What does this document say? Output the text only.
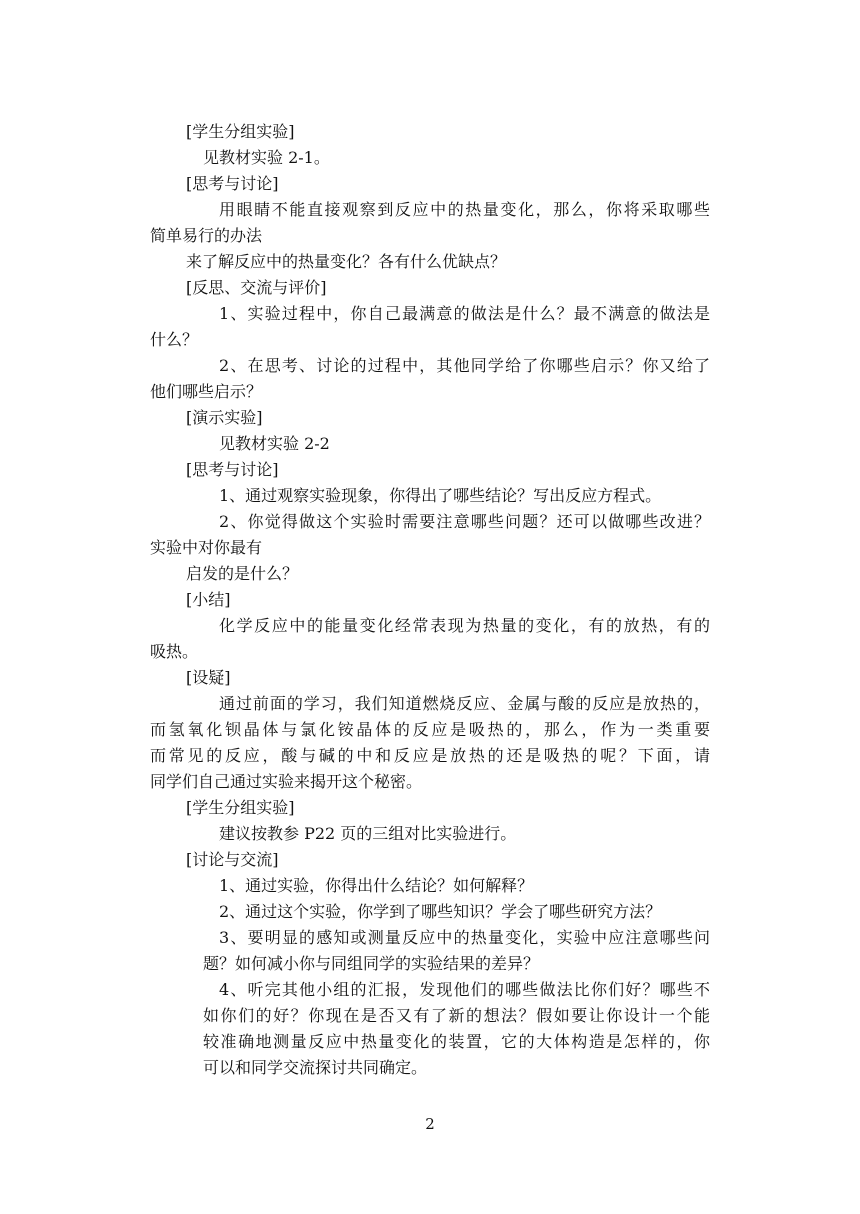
[学生分组实验]
见教材实验 2-1。
[思考与讨论]
用眼睛不能直接观察到反应中的热量变化，那么，你将采取哪些
简单易行的办法
来了解反应中的热量变化？各有什么优缺点？
[反思、交流与评价]
1、实验过程中，你自己最满意的做法是什么？最不满意的做法是
什么？
2、在思考、讨论的过程中，其他同学给了你哪些启示？你又给了
他们哪些启示？
[演示实验]
见教材实验 2-2
[思考与讨论]
1、通过观察实验现象，你得出了哪些结论？写出反应方程式。
2、你觉得做这个实验时需要注意哪些问题？还可以做哪些改进？
实验中对你最有
启发的是什么？
[小结]
化学反应中的能量变化经常表现为热量的变化，有的放热，有的
吸热。
[设疑]
通过前面的学习，我们知道燃烧反应、金属与酸的反应是放热的，
而氢氧化钡晶体与氯化铵晶体的反应是吸热的，那么，作为一类重要
而常见的反应，酸与碱的中和反应是放热的还是吸热的呢？下面，请
同学们自己通过实验来揭开这个秘密。
[学生分组实验]
建议按教参 P22 页的三组对比实验进行。
[讨论与交流]
1、通过实验，你得出什么结论？如何解释？
2、通过这个实验，你学到了哪些知识？学会了哪些研究方法？
3、要明显的感知或测量反应中的热量变化，实验中应注意哪些问
题？如何减小你与同组同学的实验结果的差异？
4、听完其他小组的汇报，发现他们的哪些做法比你们好？哪些不
如你们的好？你现在是否又有了新的想法？假如要让你设计一个能
较准确地测量反应中热量变化的装置，它的大体构造是怎样的，你
可以和同学交流探讨共同确定。
2
